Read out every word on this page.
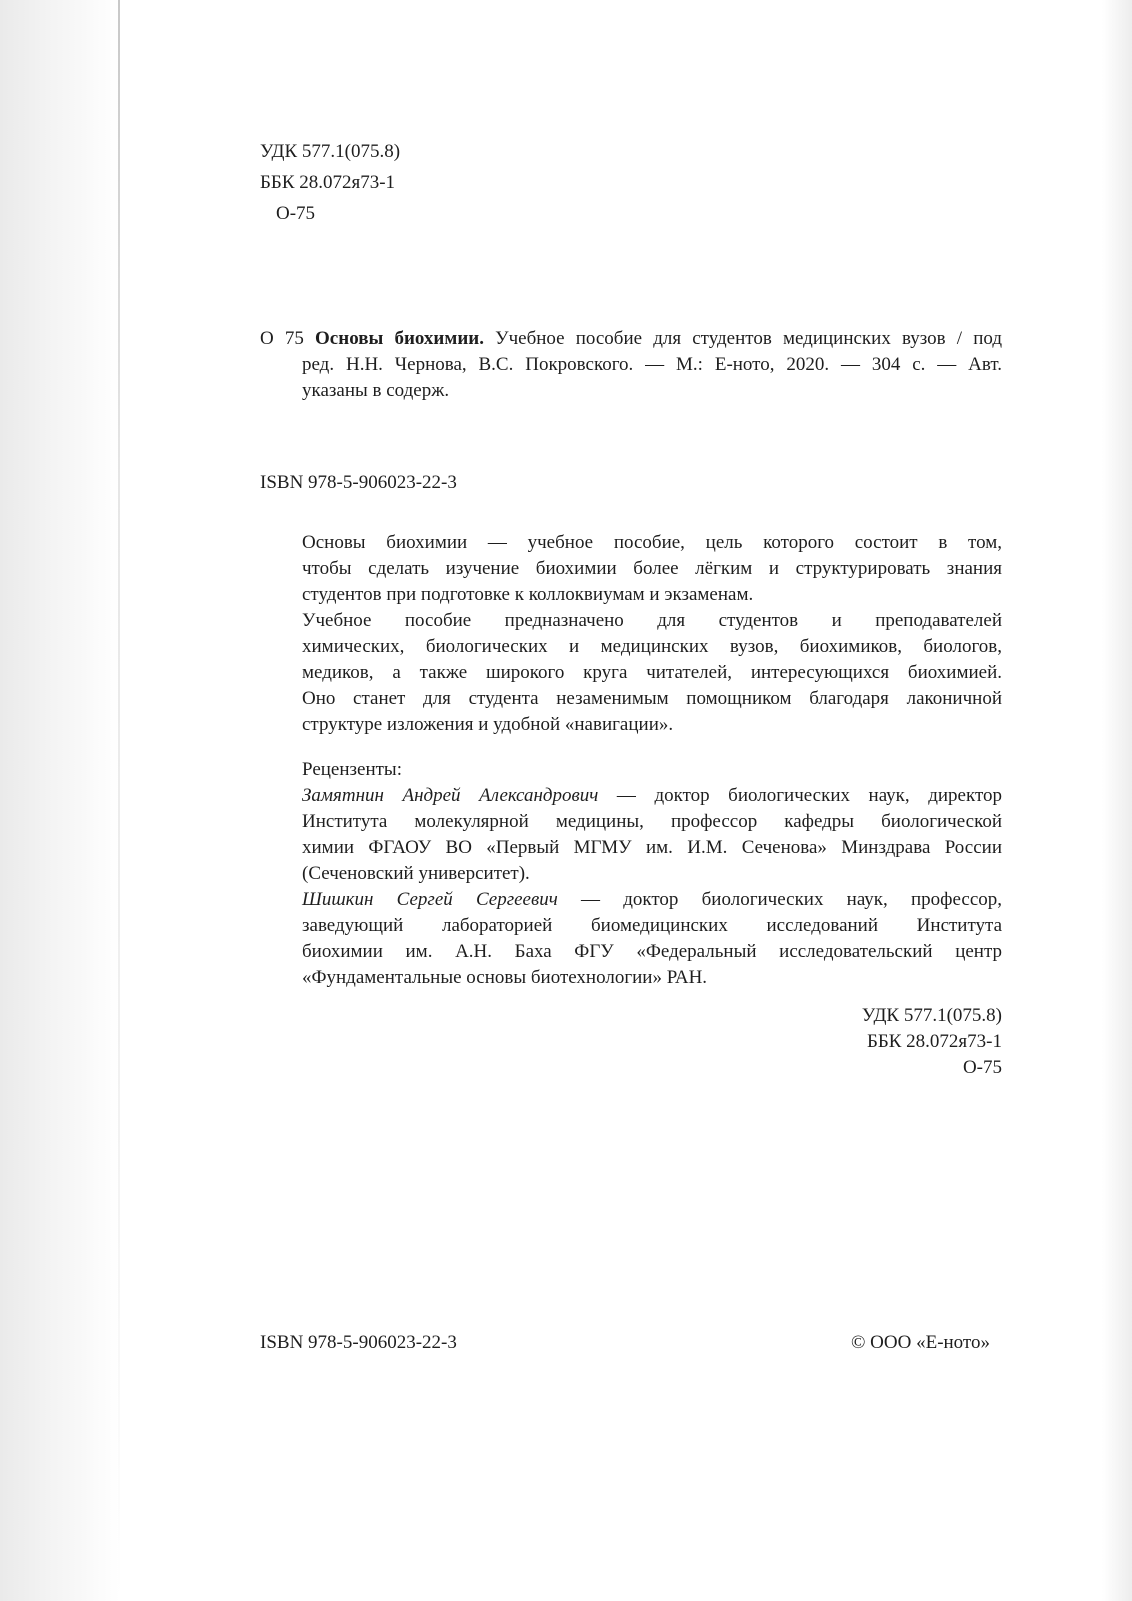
УДК 577.1(075.8)
ББК 28.072я73-1
О-75
О 75 Основы биохимии. Учебное пособие для студентов медицинских вузов / под
ред. Н.Н. Чернова, В.С. Покровского. — М.: Е-ното, 2020. — 304 с. — Авт.
указаны в содерж.
ISBN 978-5-906023-22-3

Основы биохимии — учебное пособие, цель которого состоит в том,
чтобы сделать изучение биохимии более лёгким и структурировать знания
студентов при подготовке к коллоквиумам и экзаменам.

Учебное пособие предназначено для студентов и преподавателей
химических, биологических и медицинских вузов, биохимиков, биологов,
медиков, а также широкого круга читателей, интересующихся биохимией.
Оно станет для студента незаменимым помощником благодаря лаконичной
структуре изложения и удобной «навигации».

Рецензенты:
Замятнин Андрей Александрович — доктор биологических наук, директор
Института молекулярной медицины, профессор кафедры биологической
химии ФГАОУ ВО «Первый МГМУ им. И.М. Сеченова» Минздрава России
(Сеченовский университет).
Шишкин Сергей Сергеевич — доктор биологических наук, профессор,
заведующий лабораторией биомедицинских исследований Института
биохимии им. А.Н. Баха ФГУ «Федеральный исследовательский центр
«Фундаментальные основы биотехнологии» РАН.
УДК 577.1(075.8)
ББК 28.072я73-1
О-75
ISBN 978-5-906023-22-3	© ООО «Е-ното»
